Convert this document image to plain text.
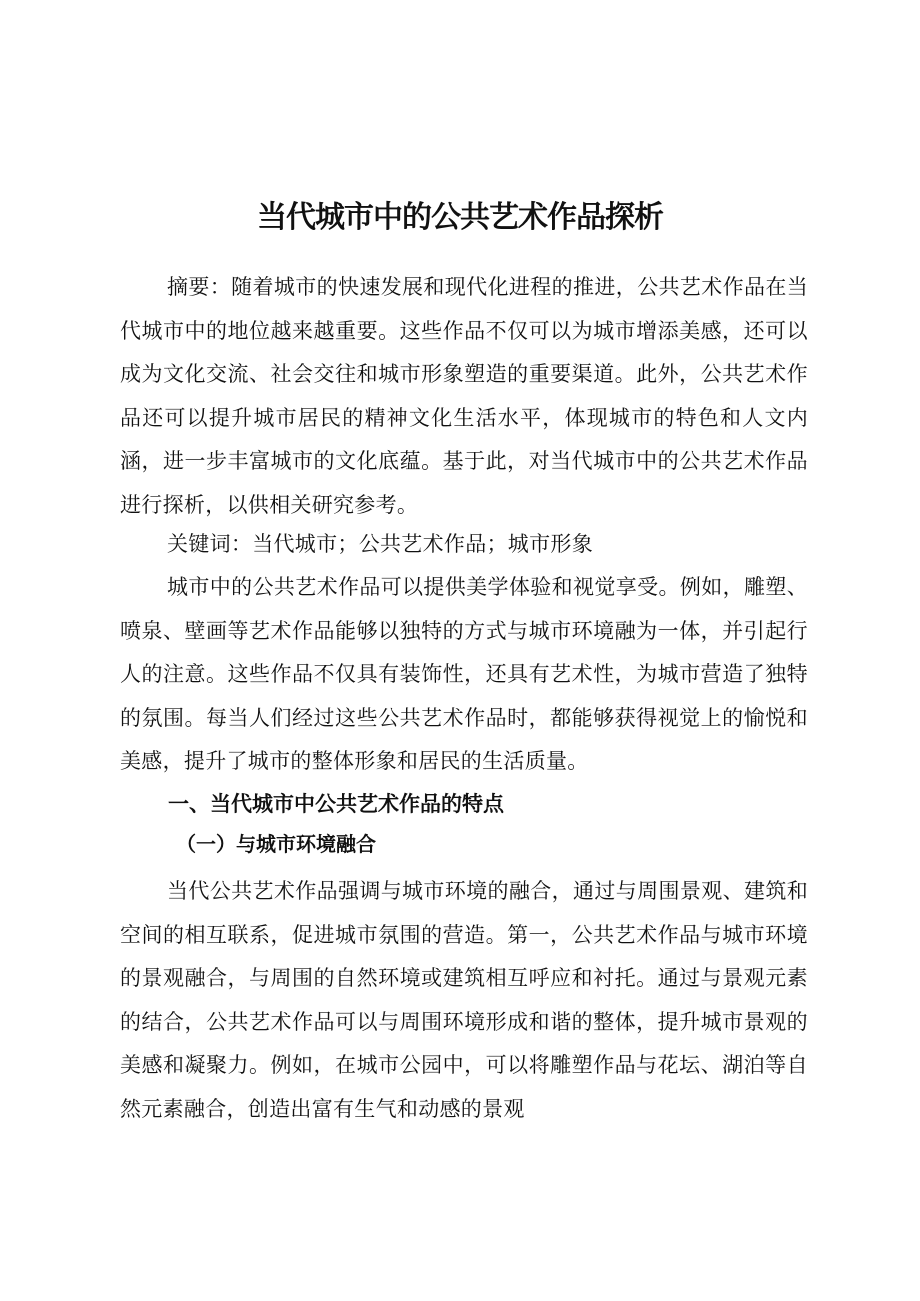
当代城市中的公共艺术作品探析

摘要：随着城市的快速发展和现代化进程的推进，公共艺术作品在当代城市中的地位越来越重要。这些作品不仅可以为城市增添美感，还可以成为文化交流、社会交往和城市形象塑造的重要渠道。此外，公共艺术作品还可以提升城市居民的精神文化生活水平，体现城市的特色和人文内涵，进一步丰富城市的文化底蕴。基于此，对当代城市中的公共艺术作品进行探析，以供相关研究参考。

关键词：当代城市；公共艺术作品；城市形象

城市中的公共艺术作品可以提供美学体验和视觉享受。例如，雕塑、喷泉、壁画等艺术作品能够以独特的方式与城市环境融为一体，并引起行人的注意。这些作品不仅具有装饰性，还具有艺术性，为城市营造了独特的氛围。每当人们经过这些公共艺术作品时，都能够获得视觉上的愉悦和美感，提升了城市的整体形象和居民的生活质量。

一、当代城市中公共艺术作品的特点
（一）与城市环境融合

当代公共艺术作品强调与城市环境的融合，通过与周围景观、建筑和空间的相互联系，促进城市氛围的营造。第一，公共艺术作品与城市环境的景观融合，与周围的自然环境或建筑相互呼应和衬托。通过与景观元素的结合，公共艺术作品可以与周围环境形成和谐的整体，提升城市景观的美感和凝聚力。例如，在城市公园中，可以将雕塑作品与花坛、湖泊等自然元素融合，创造出富有生气和动感的景观
